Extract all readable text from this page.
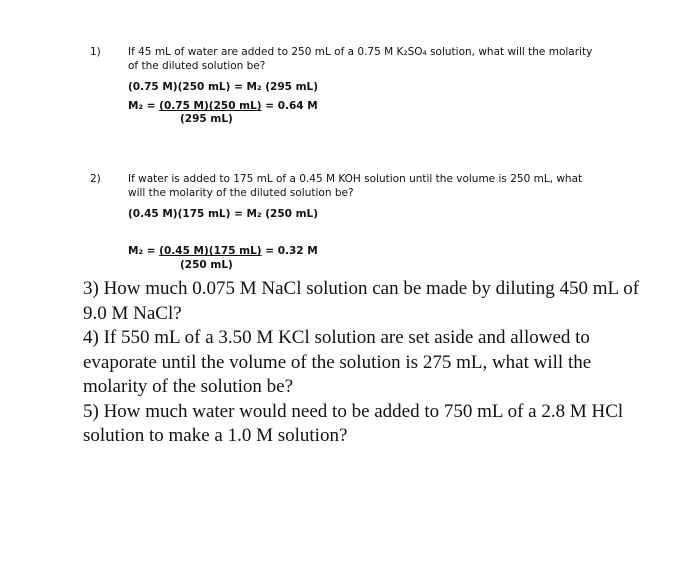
1)	If 45 mL of water are added to 250 mL of a 0.75 M K₂SO₄ solution, what will the molarity of the diluted solution be?
(0.75 M)(250 mL) = M₂ (295 mL)
M₂ = (0.75 M)(250 mL) = 0.64 M
(295 mL)
2)	If water is added to 175 mL of a 0.45 M KOH solution until the volume is 250 mL, what will the molarity of the diluted solution be?
(0.45 M)(175 mL) = M₂ (250 mL)
M₂ = (0.45 M)(175 mL) = 0.32 M
(250 mL)
3) How much 0.075 M NaCl solution can be made by diluting 450 mL of 9.0 M NaCl?
4) If 550 mL of a 3.50 M KCl solution are set aside and allowed to evaporate until the volume of the solution is 275 mL, what will the molarity of the solution be?
5) How much water would need to be added to 750 mL of a 2.8 M HCl solution to make a 1.0 M solution?
